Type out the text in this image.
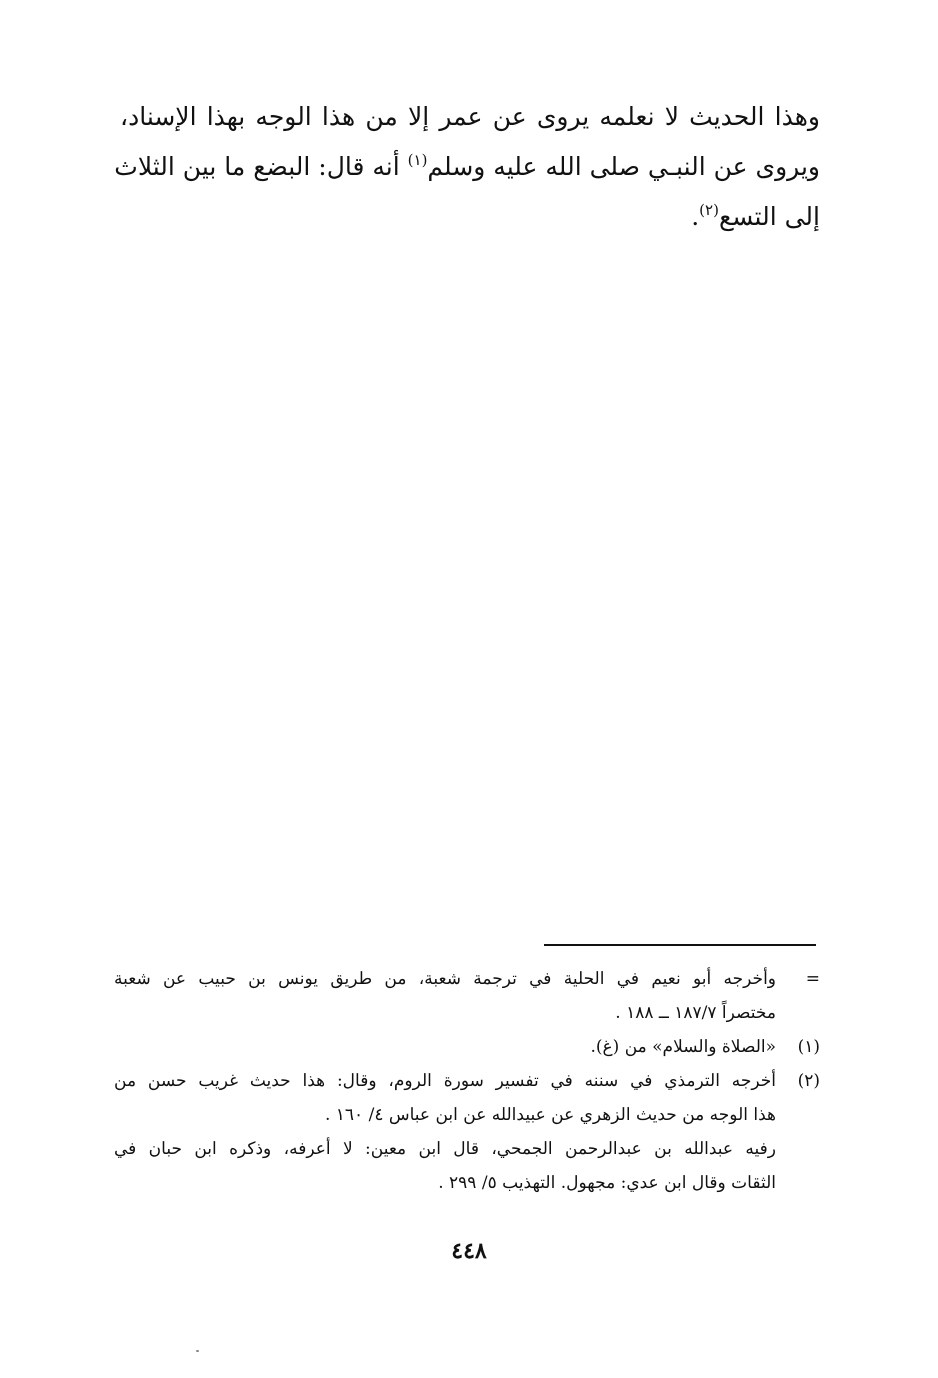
وهذا الحديث لا نعلمه يروى عن عمر إلا من هذا الوجه بهذا الإسناد،
ويروى عن النبـي صلى الله عليه وسلم$^{(١)}$ أنه قال: البضع ما بين الثلاث
إلى التسع$^{(٢)}$.
=
وأخرجه أبو نعيم في الحلية في ترجمة شعبة، من طريق يونس بن حبيب عن شعبة
مختصراً ١٨٧/٧ ــ ١٨٨ .
(١)
«الصلاة والسلام» من (غ).
(٢)
أخرجه الترمذي في سننه في تفسير سورة الروم، وقال: هذا حديث غريب حسن من
هذا الوجه من حديث الزهري عن عبيدالله عن ابن عباس ٤/ ١٦٠ .
رفيه عبدالله بن عبدالرحمن الجمحي، قال ابن معين: لا أعرفه، وذكره ابن حبان في
الثقات وقال ابن عدي: مجهول. التهذيب ٥/ ٢٩٩ .
٤٤٨
